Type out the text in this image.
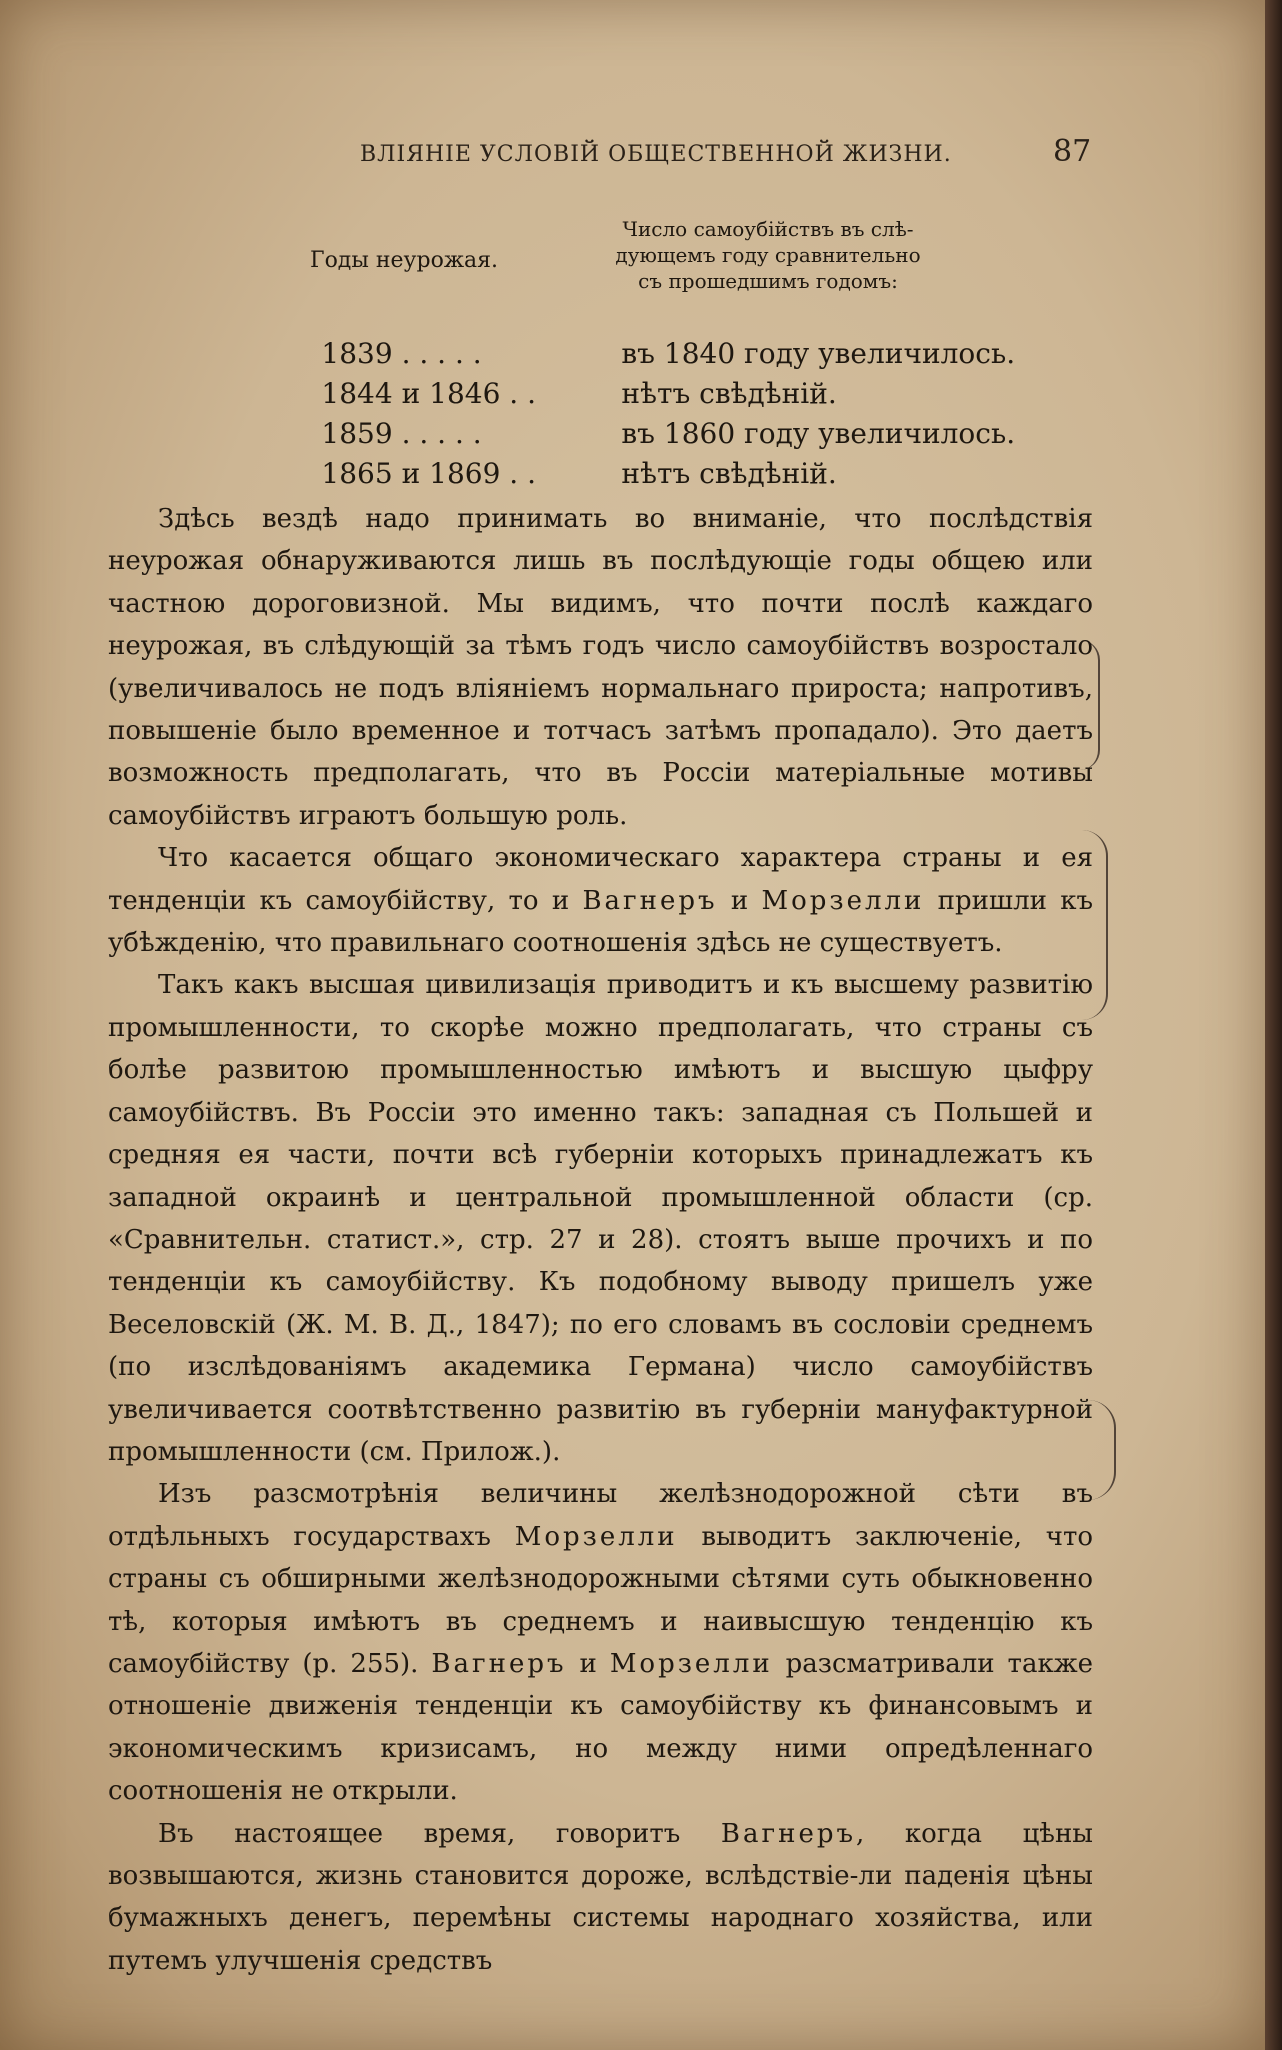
ВЛІЯНІЕ УСЛОВІЙ ОБЩЕСТВЕННОЙ ЖИЗНИ.	87
Годы неурожая.
Число самоубійствъ въ слѣ-
дующемъ году сравнительно
съ прошедшимъ годомъ:

1839 . . . . .	въ 1840 году увеличилось.

1844 и 1846 . .	нѣтъ свѣдѣній.

1859 . . . . .	въ 1860 году увеличилось.

1865 и 1869 . .	нѣтъ свѣдѣній.

Здѣсь вездѣ надо принимать во вниманіе, что послѣдствія неурожая обнаруживаются лишь въ послѣдующіе годы общею или частною дороговизной. Мы видимъ, что почти послѣ каждаго неурожая, въ слѣдующій за тѣмъ годъ число самоубійствъ возростало (увеличивалось не подъ вліяніемъ нормальнаго прироста; напротивъ, повышеніе было временное и тотчасъ затѣмъ пропадало). Это даетъ возможность предполагать, что въ Россіи матеріальные мотивы самоубійствъ играютъ большую роль.

Что касается общаго экономическаго характера страны и ея тенденціи къ самоубійству, то и Вагнеръ и Морзелли пришли къ убѣжденію, что правильнаго соотношенія здѣсь не существуетъ.

Такъ какъ высшая цивилизація приводитъ и къ высшему развитію промышленности, то скорѣе можно предполагать, что страны съ болѣе развитою промышленностью имѣютъ и высшую цыфру самоубійствъ. Въ Россіи это именно такъ: западная съ Польшей и средняя ея части, почти всѣ губерніи которыхъ принадлежатъ къ западной окраинѣ и центральной промышленной области (ср. «Сравнительн. статист.», стр. 27 и 28). стоятъ выше прочихъ и по тенденціи къ самоубійству. Къ подобному выводу пришелъ уже Веселовскій (Ж. М. В. Д., 1847); по его словамъ въ сословіи среднемъ (по изслѣдованіямъ академика Германа) число самоубійствъ увеличивается соотвѣтственно развитію въ губерніи мануфактурной промышленности (см. Прилож.).

Изъ разсмотрѣнія величины желѣзнодорожной сѣти въ отдѣльныхъ государствахъ Морзелли выводитъ заключеніе, что страны съ обширными желѣзнодорожными сѣтями суть обыкновенно тѣ, которыя имѣютъ въ среднемъ и наивысшую тенденцію къ самоубійству (p. 255). Вагнеръ и Морзелли разсматривали также отношеніе движенія тенденціи къ самоубійству къ финансовымъ и экономическимъ кризисамъ, но между ними опредѣленнаго соотношенія не открыли.

Въ настоящее время, говоритъ Вагнеръ, когда цѣны возвышаются, жизнь становится дороже, вслѣдствіе-ли паденія цѣны бумажныхъ денегъ, перемѣны системы народнаго хозяйства, или путемъ улучшенія средствъ
